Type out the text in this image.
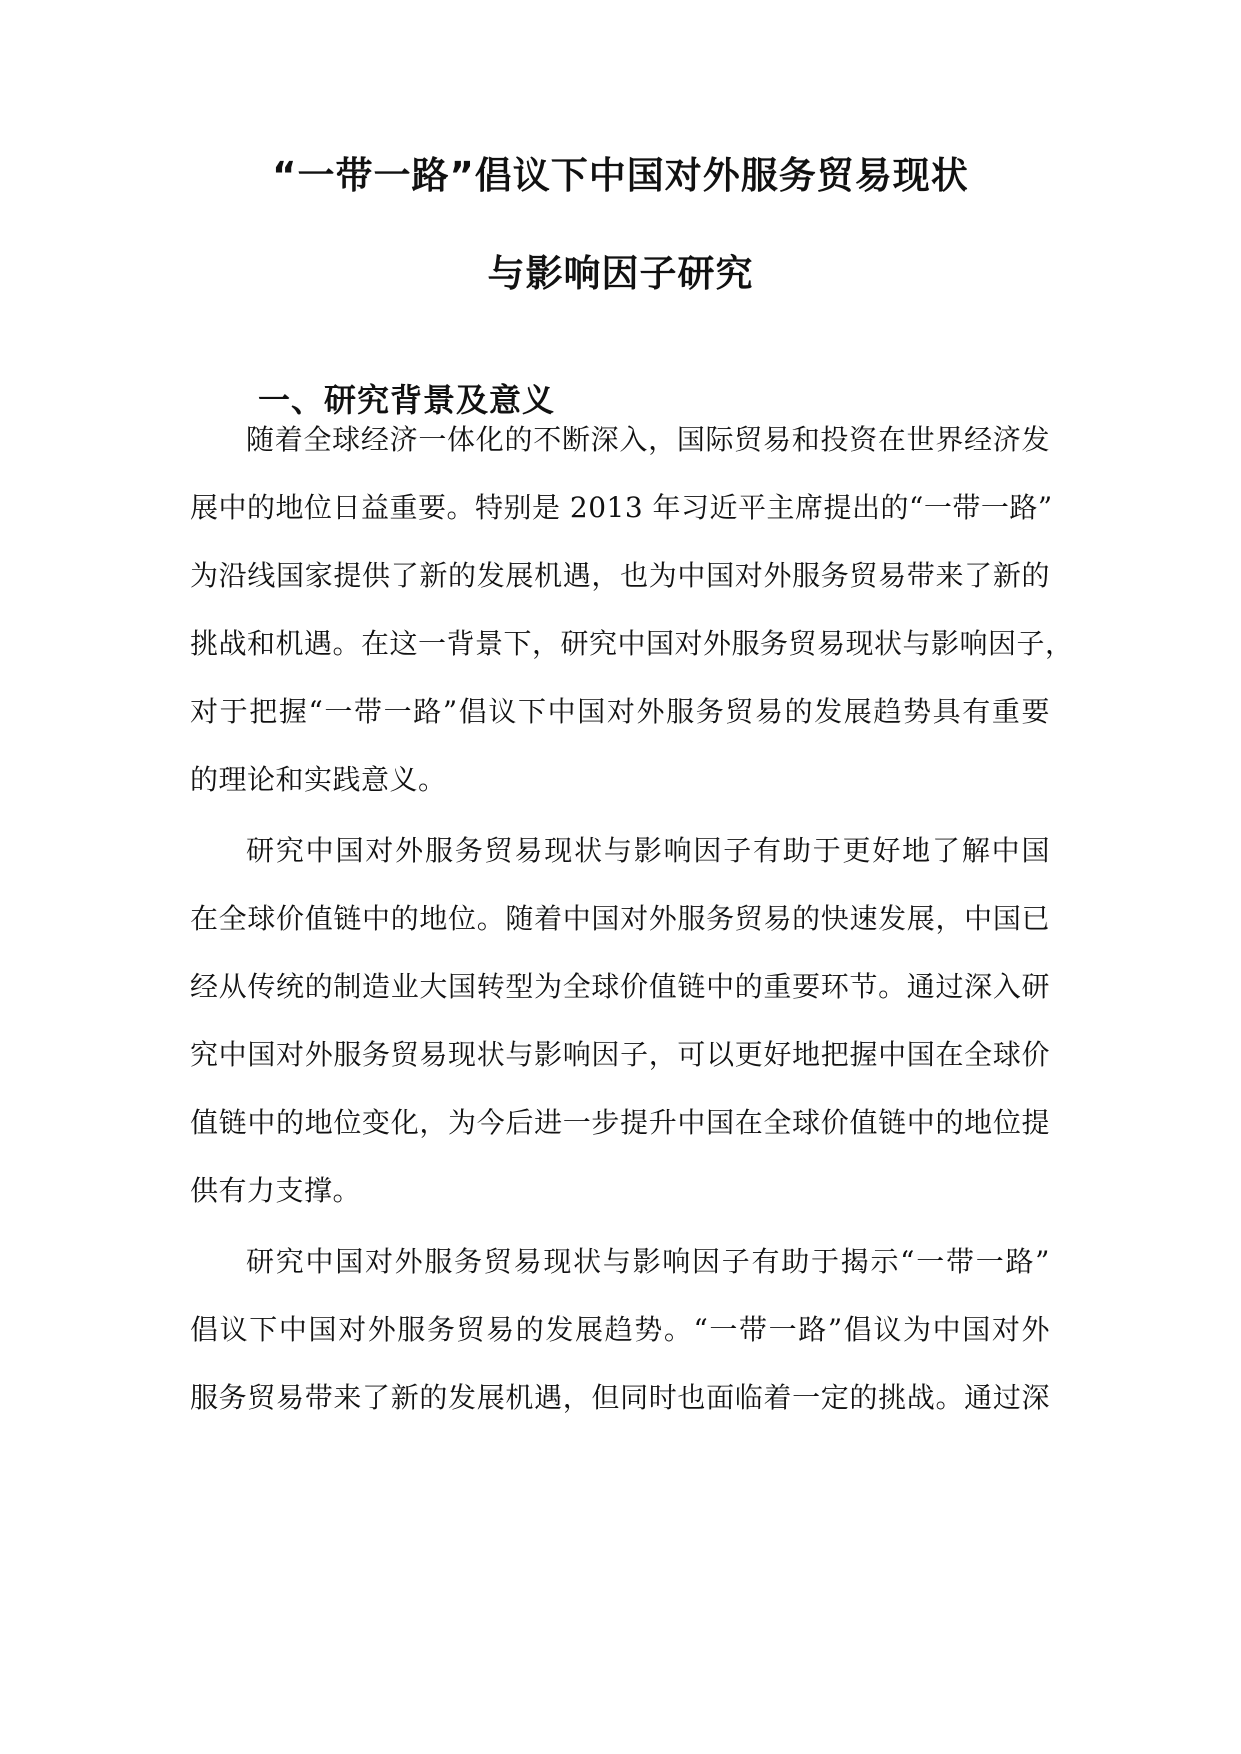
“一带一路”倡议下中国对外服务贸易现状
与影响因子研究
一、研究背景及意义
随着全球经济一体化的不断深入，国际贸易和投资在世界经济发
展中的地位日益重要。特别是 2013 年习近平主席提出的“一带一路”
为沿线国家提供了新的发展机遇，也为中国对外服务贸易带来了新的
挑战和机遇。在这一背景下，研究中国对外服务贸易现状与影响因子，
对于把握“一带一路”倡议下中国对外服务贸易的发展趋势具有重要
的理论和实践意义。
研究中国对外服务贸易现状与影响因子有助于更好地了解中国
在全球价值链中的地位。随着中国对外服务贸易的快速发展，中国已
经从传统的制造业大国转型为全球价值链中的重要环节。通过深入研
究中国对外服务贸易现状与影响因子，可以更好地把握中国在全球价
值链中的地位变化，为今后进一步提升中国在全球价值链中的地位提
供有力支撑。
研究中国对外服务贸易现状与影响因子有助于揭示“一带一路”
倡议下中国对外服务贸易的发展趋势。“一带一路”倡议为中国对外
服务贸易带来了新的发展机遇，但同时也面临着一定的挑战。通过深
